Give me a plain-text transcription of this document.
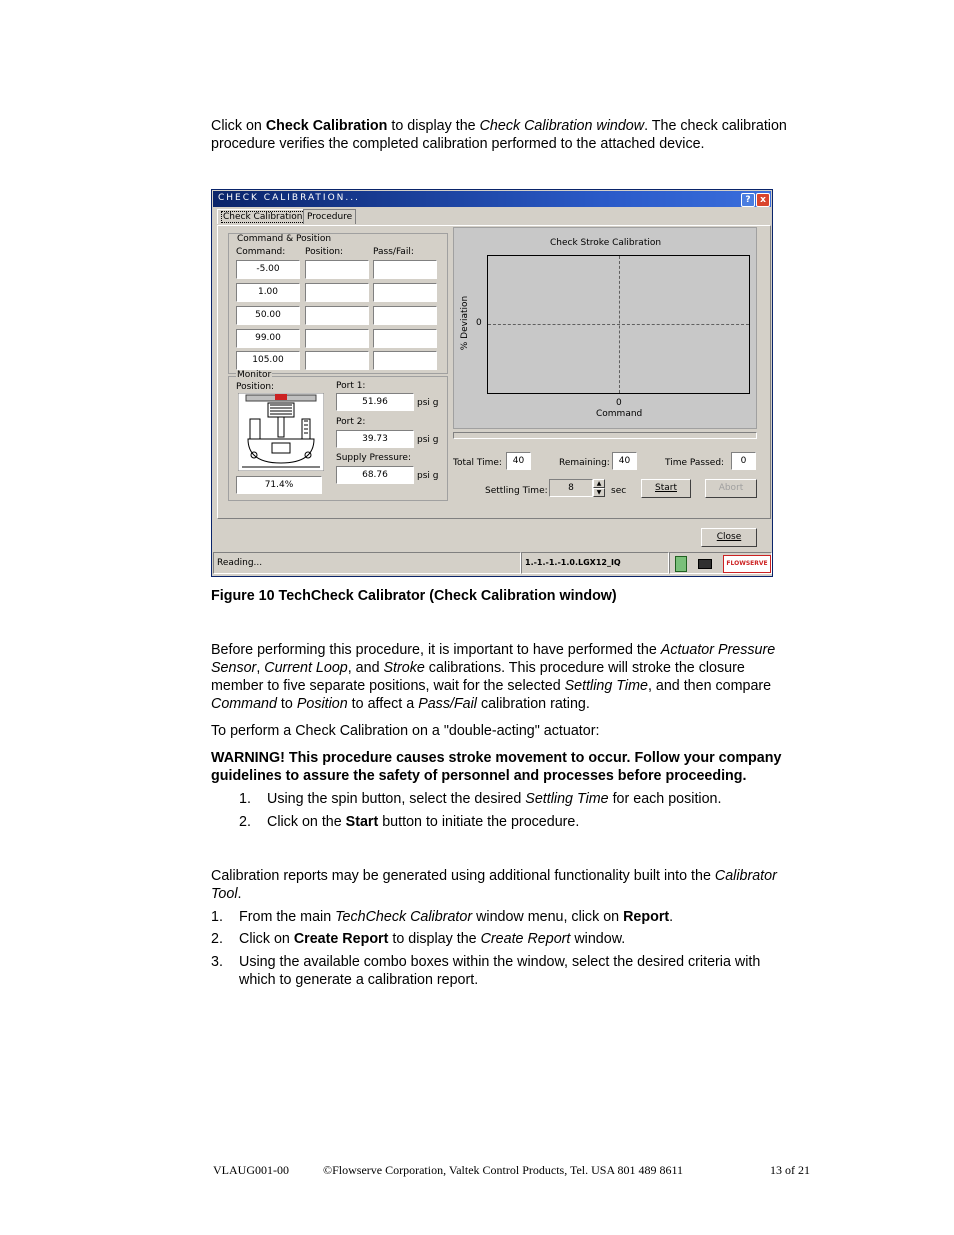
Click on Check Calibration to display the Check Calibration window. The check calibration
procedure verifies the completed calibration performed to the attached device.
CHECK CALIBRATION...	?	x
Check Calibration Procedure
Command & Position
Command: Position:	Pass/Fail:
-5.00
1.00
50.00
99.00
105.00
Monitor
Position:
71.4%
Port 1:
51.96	psi g
Port 2:
39.73	psi g
Supply Pressure:
68.76	psi g
Check Stroke Calibration
% Deviation 0
0
Command
Total Time:	40	Remaining: 40	Time Passed:	0
Settling Time:	8	▲
▼	sec	Start	Abort
Close
Reading...	1.-1.-1.-1.0.LGX12_IQ	FLOWSERVE
Figure 10 TechCheck Calibrator (Check Calibration window)
Before performing this procedure, it is important to have performed the Actuator Pressure
Sensor, Current Loop, and Stroke calibrations. This procedure will stroke the closure
member to five separate positions, wait for the selected Settling Time, and then compare
Command to Position to affect a Pass/Fail calibration rating.
To perform a Check Calibration on a "double-acting" actuator:
WARNING! This procedure causes stroke movement to occur. Follow your company
guidelines to assure the safety of personnel and processes before proceeding.
1. Using the spin button, select the desired Settling Time for each position.
2. Click on the Start button to initiate the procedure.
Calibration reports may be generated using additional functionality built into the Calibrator
Tool.
1. From the main TechCheck Calibrator window menu, click on Report.
2. Click on Create Report to display the Create Report window.
3. Using the available combo boxes within the window, select the desired criteria with
which to generate a calibration report.
VLAUG001-00	©Flowserve Corporation, Valtek Control Products, Tel. USA 801 489 8611	13 of 21
